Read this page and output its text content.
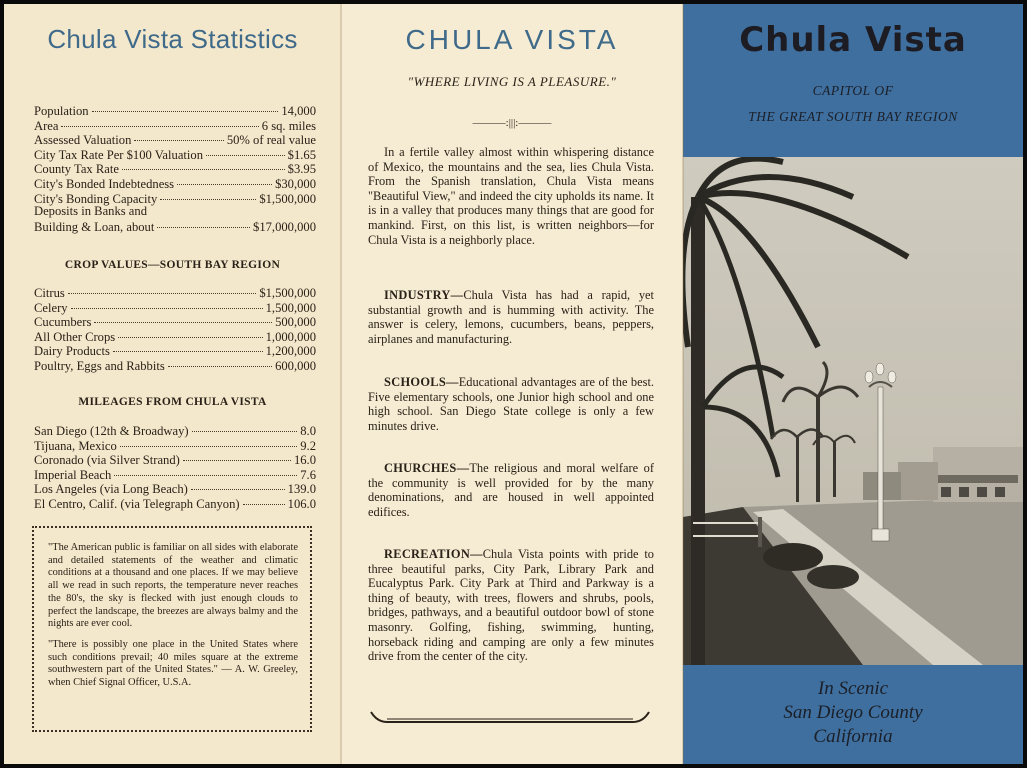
Chula Vista Statistics
Population	14,000
Area	6 sq. miles
Assessed Valuation	50% of real value
City Tax Rate Per $100 Valuation	$1.65
County Tax Rate	$3.95
City's Bonded Indebtedness	$30,000
City's Bonding Capacity	$1,500,000
Deposits in Banks and
Building & Loan, about	$17,000,000
CROP VALUES—SOUTH BAY REGION
Citrus	$1,500,000
Celery	1,500,000
Cucumbers	500,000
All Other Crops	1,000,000
Dairy Products	1,200,000
Poultry, Eggs and Rabbits	600,000
MILEAGES FROM CHULA VISTA
San Diego (12th & Broadway)	8.0
Tijuana, Mexico	9.2
Coronado (via Silver Strand)	16.0
Imperial Beach	7.6
Los Angeles (via Long Beach)	139.0
El Centro, Calif. (via Telegraph Canyon)	106.0

"The American public is familiar on all sides with elaborate and detailed statements of the weather and climatic conditions at a thousand and one places. If we may believe all we read in such reports, the temperature never reaches the 80's, the sky is flecked with just enough clouds to perfect the landscape, the breezes are always balmy and the nights are ever cool.

"There is possibly one place in the United States where such conditions prevail; 40 miles square at the extreme southwestern part of the United States." — A. W. Greeley, when Chief Signal Officer, U.S.A.

CHULA VISTA
"WHERE LIVING IS A PLEASURE."
———:|||:———

In a fertile valley almost within whispering distance of Mexico, the mountains and the sea, lies Chula Vista. From the Spanish translation, Chula Vista means "Beautiful View," and indeed the city upholds its name. It is in a valley that produces many things that are good for mankind. First, on this list, is written neighbors—for Chula Vista is a neighborly place.

INDUSTRY—Chula Vista has had a rapid, yet substantial growth and is humming with activity. The answer is celery, lemons, cucumbers, beans, peppers, airplanes and manufacturing.

SCHOOLS—Educational advantages are of the best. Five elementary schools, one Junior high school and one high school. San Diego State college is only a few minutes drive.

CHURCHES—The religious and moral welfare of the community is well provided for by the many denominations, and are housed in well appointed edifices.

RECREATION—Chula Vista points with pride to three beautiful parks, City Park, Library Park and Eucalyptus Park. City Park at Third and Parkway is a thing of beauty, with trees, flowers and shrubs, pools, bridges, pathways, and a beautiful outdoor bowl of stone masonry. Golfing, fishing, swimming, hunting, horseback riding and camping are only a few minutes drive from the center of the city.

Chula Vista
CAPITOL OF
THE GREAT SOUTH BAY REGION
In Scenic
San Diego County
California
